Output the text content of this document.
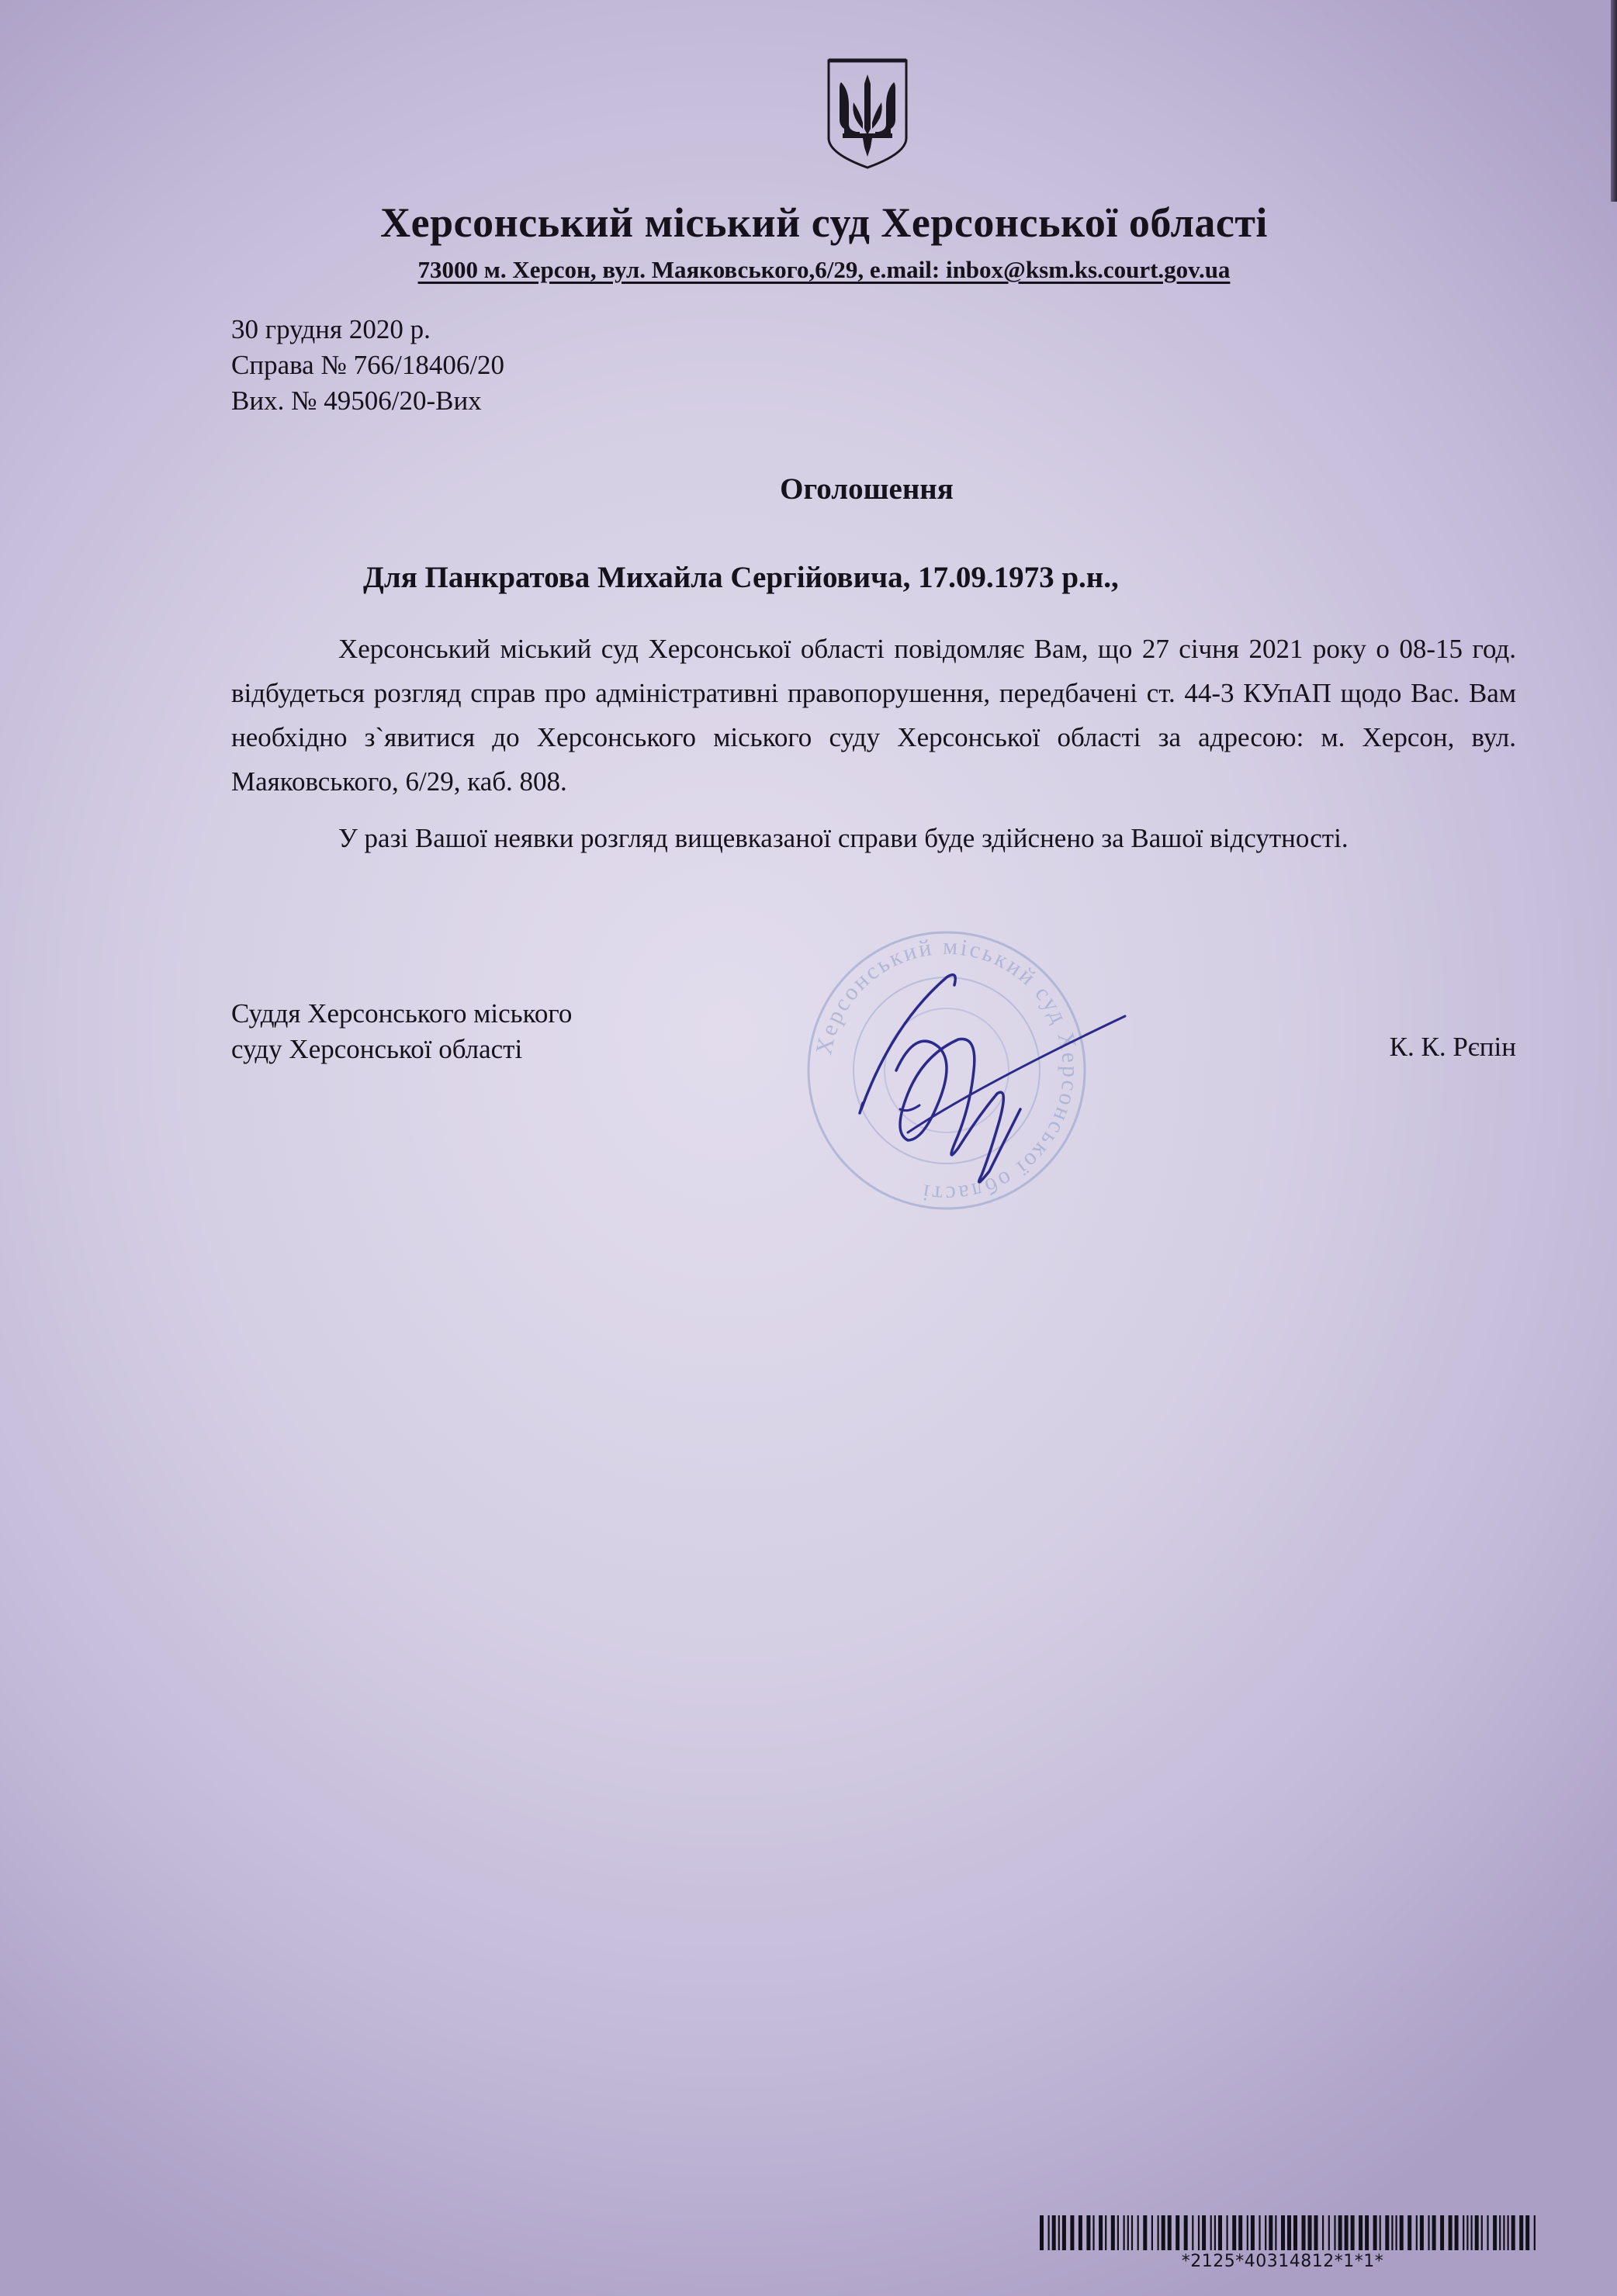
Херсонський міський суд Херсонської області
73000 м. Херсон, вул. Маяковського,6/29, e.mail: inbox@ksm.ks.court.gov.ua
30 грудня 2020 р.
Справа № 766/18406/20
Вих. № 49506/20-Вих
Оголошення
Для Панкратова Михайла Сергійовича, 17.09.1973 р.н.,

Херсонський міський суд Херсонської області повідомляє Вам, що 27 січня 2021 року о 08-15 год. відбудеться розгляд справ про адміністративні правопорушення, передбачені ст. 44-3 КУпАП щодо Вас. Вам необхідно з`явитися до Херсонського міського суду Херсонської області за адресою: м. Херсон, вул. Маяковського, 6/29, каб. 808.

У разі Вашої неявки розгляд вищевказаної справи буде здійснено за Вашої відсутності.

Херсонський міський суд Херсонської області
Суддя Херсонського міського
суду Херсонської області	К. К. Рєпін
*2125*40314812*1*1*
